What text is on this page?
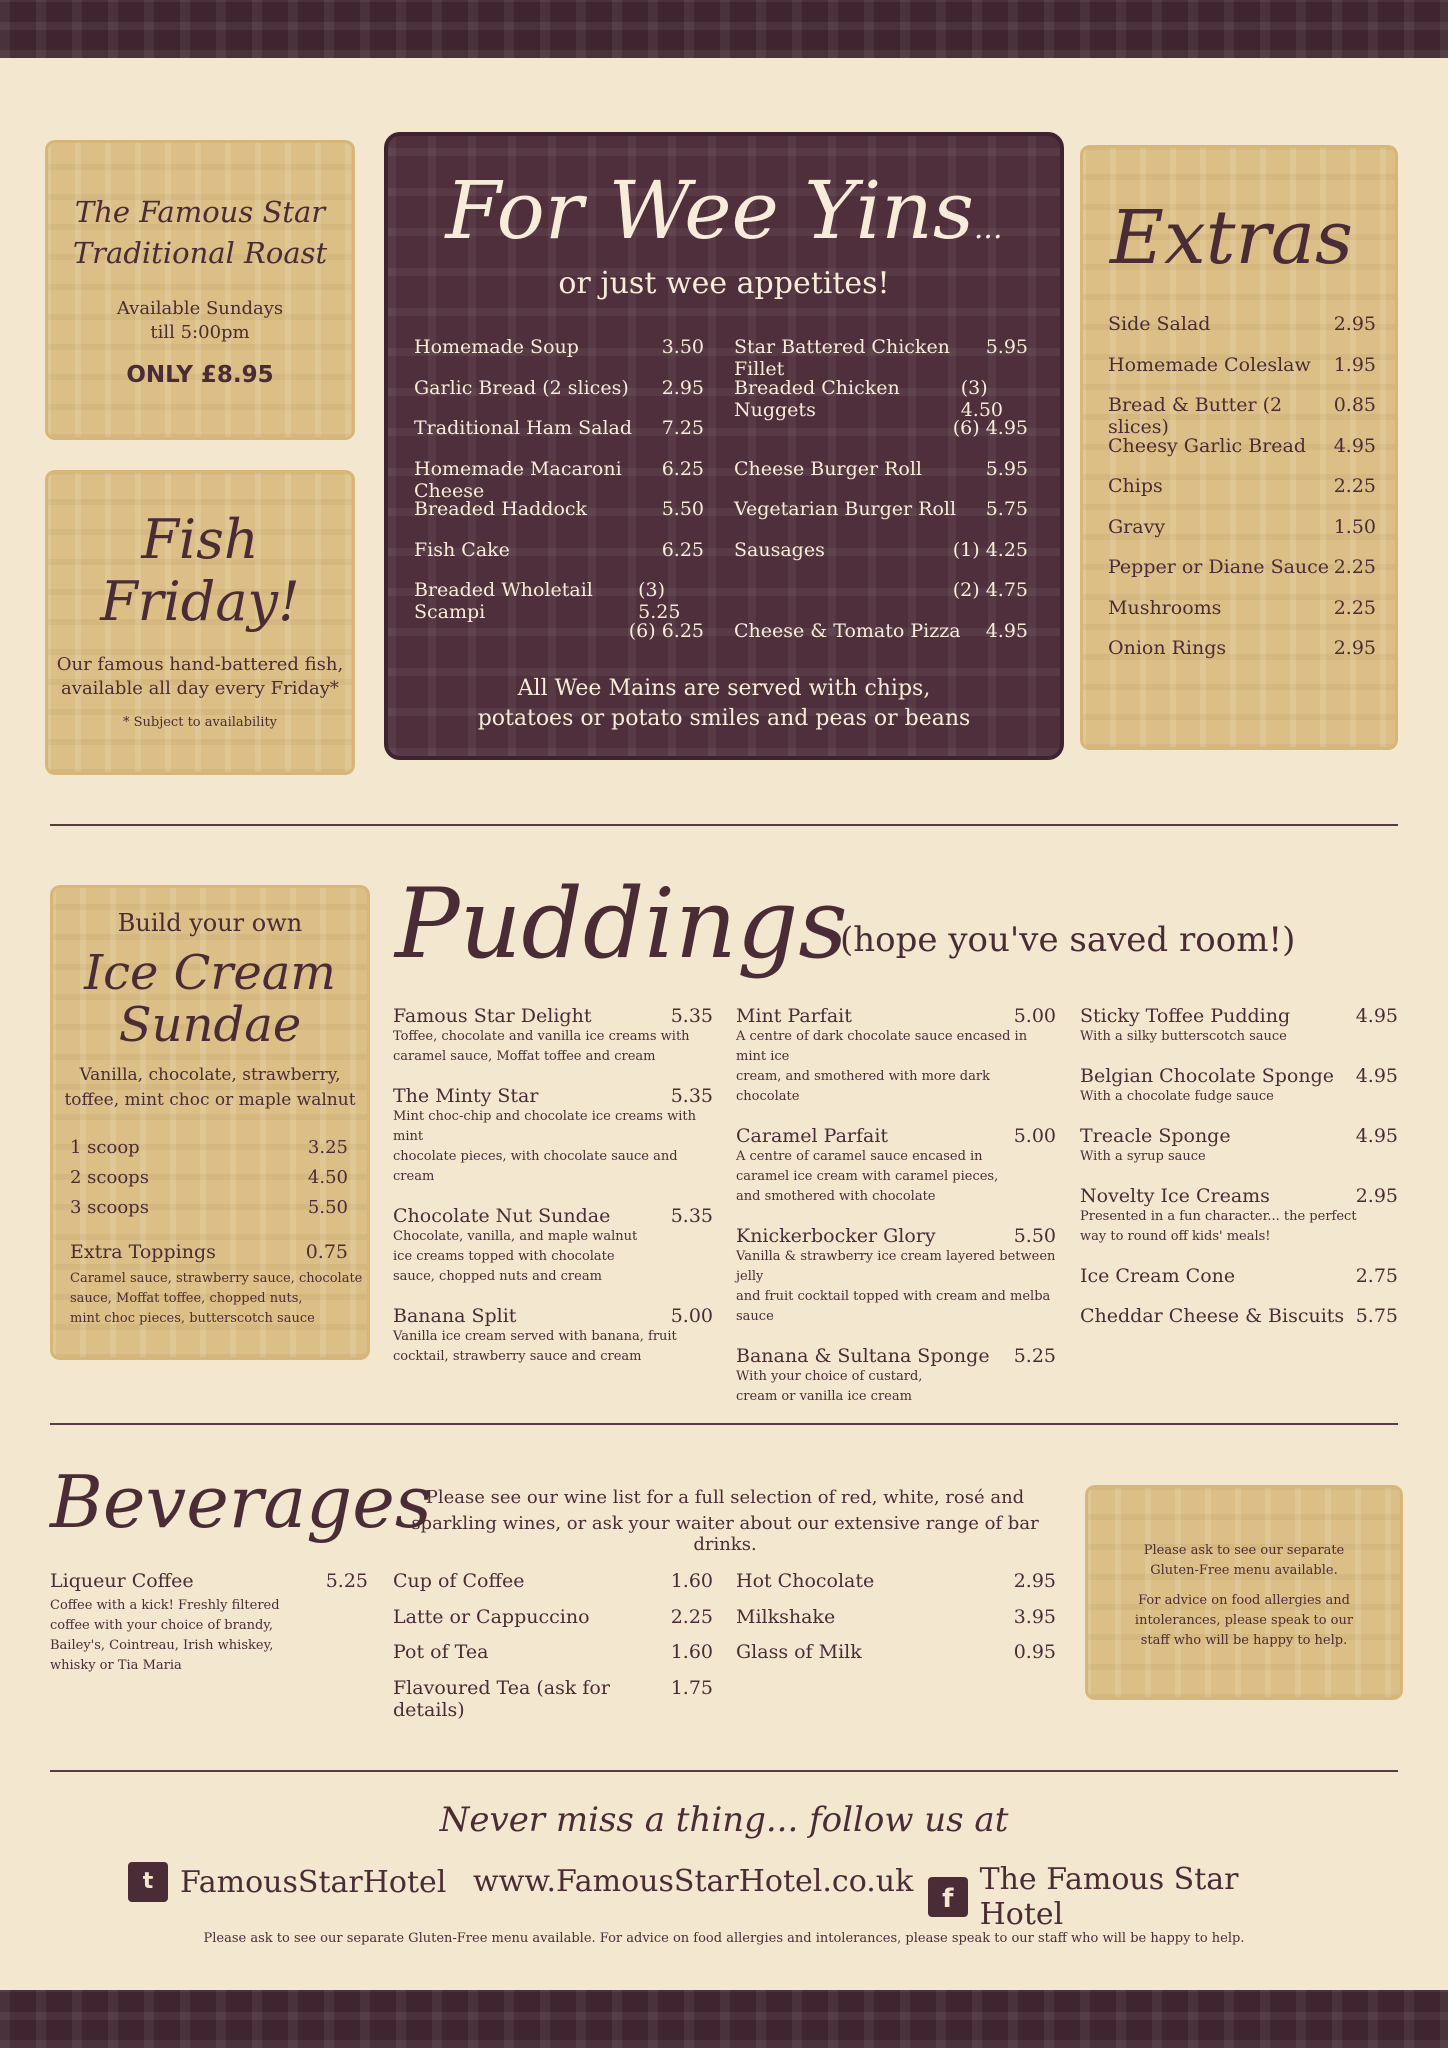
The Famous Star
Traditional Roast
Available Sundays
till 5:00pm
ONLY £8.95
Fish
Friday!
Our famous hand-battered fish,
available all day every Friday*
* Subject to availability
For Wee Yins...
or just wee appetites!
Homemade Soup	3.50
Garlic Bread (2 slices) 2.95
Traditional Ham Salad 7.25
Homemade Macaroni Cheese
6.25
Breaded Haddock	5.50
Fish Cake	6.25
Breaded Wholetail Scampi
(3) 5.25
(6) 6.25
Star Battered Chicken Fillet
5.95
Breaded Chicken Nuggets
(3) 4.50
(6) 4.95
Cheese Burger Roll	5.95
Vegetarian Burger Roll 5.75
Sausages	(1) 4.25
(2) 4.75
Cheese & Tomato Pizza 4.95
All Wee Mains are served with chips,
potatoes or potato smiles and peas or beans
Extras
Side Salad	2.95
Homemade Coleslaw 1.95
Bread & Butter (2 slices)
0.85
Cheesy Garlic Bread 4.95
Chips	2.25
Gravy	1.50
Pepper or Diane Sauce 2.25
Mushrooms	2.25
Onion Rings	2.95
Build your own
Ice Cream
Sundae
Vanilla, chocolate, strawberry,
toffee, mint choc or maple walnut
1 scoop	3.25
2 scoops	4.50
3 scoops	5.50
Extra Toppings	0.75
Caramel sauce, strawberry sauce, chocolate
sauce, Moffat toffee, chopped nuts,
mint choc pieces, butterscotch sauce
Puddings
(hope you've saved room!)
Famous Star Delight	5.35
Toffee, chocolate and vanilla ice creams with
caramel sauce, Moffat toffee and cream
The Minty Star	5.35
Mint choc-chip and chocolate ice creams with mint
chocolate pieces, with chocolate sauce and cream
Chocolate Nut Sundae	5.35
Chocolate, vanilla, and maple walnut
ice creams topped with chocolate
sauce, chopped nuts and cream
Banana Split	5.00
Vanilla ice cream served with banana, fruit
cocktail, strawberry sauce and cream
Mint Parfait	5.00
A centre of dark chocolate sauce encased in mint ice
cream, and smothered with more dark chocolate
Caramel Parfait	5.00
A centre of caramel sauce encased in
caramel ice cream with caramel pieces,
and smothered with chocolate
Knickerbocker Glory	5.50
Vanilla & strawberry ice cream layered between jelly
and fruit cocktail topped with cream and melba sauce
Banana & Sultana Sponge 5.25
With your choice of custard,
cream or vanilla ice cream
Sticky Toffee Pudding	4.95
With a silky butterscotch sauce
Belgian Chocolate Sponge 4.95
With a chocolate fudge sauce
Treacle Sponge	4.95
With a syrup sauce
Novelty Ice Creams	2.95
Presented in a fun character... the perfect
way to round off kids' meals!
Ice Cream Cone	2.75
Cheddar Cheese & Biscuits 5.75
Beverages
Please see our wine list for a full selection of red, white, rosé and
sparkling wines, or ask your waiter about our extensive range of bar drinks.
Liqueur Coffee	5.25
Coffee with a kick! Freshly filtered
coffee with your choice of brandy,
Bailey's, Cointreau, Irish whiskey,
whisky or Tia Maria
Cup of Coffee	1.60
Latte or Cappuccino	2.25
Pot of Tea	1.60
Flavoured Tea (ask for details)
1.75
Hot Chocolate	2.95
Milkshake	3.95
Glass of Milk	0.95
Please ask to see our separate
Gluten-Free menu available.
For advice on food allergies and
intolerances, please speak to our
staff who will be happy to help.
Never miss a thing... follow us at
t FamousStarHotel www.FamousStarHotel.co.uk	f
The Famous Star Hotel
Please ask to see our separate Gluten-Free menu available. For advice on food allergies and intolerances, please speak to our staff who will be happy to help.
